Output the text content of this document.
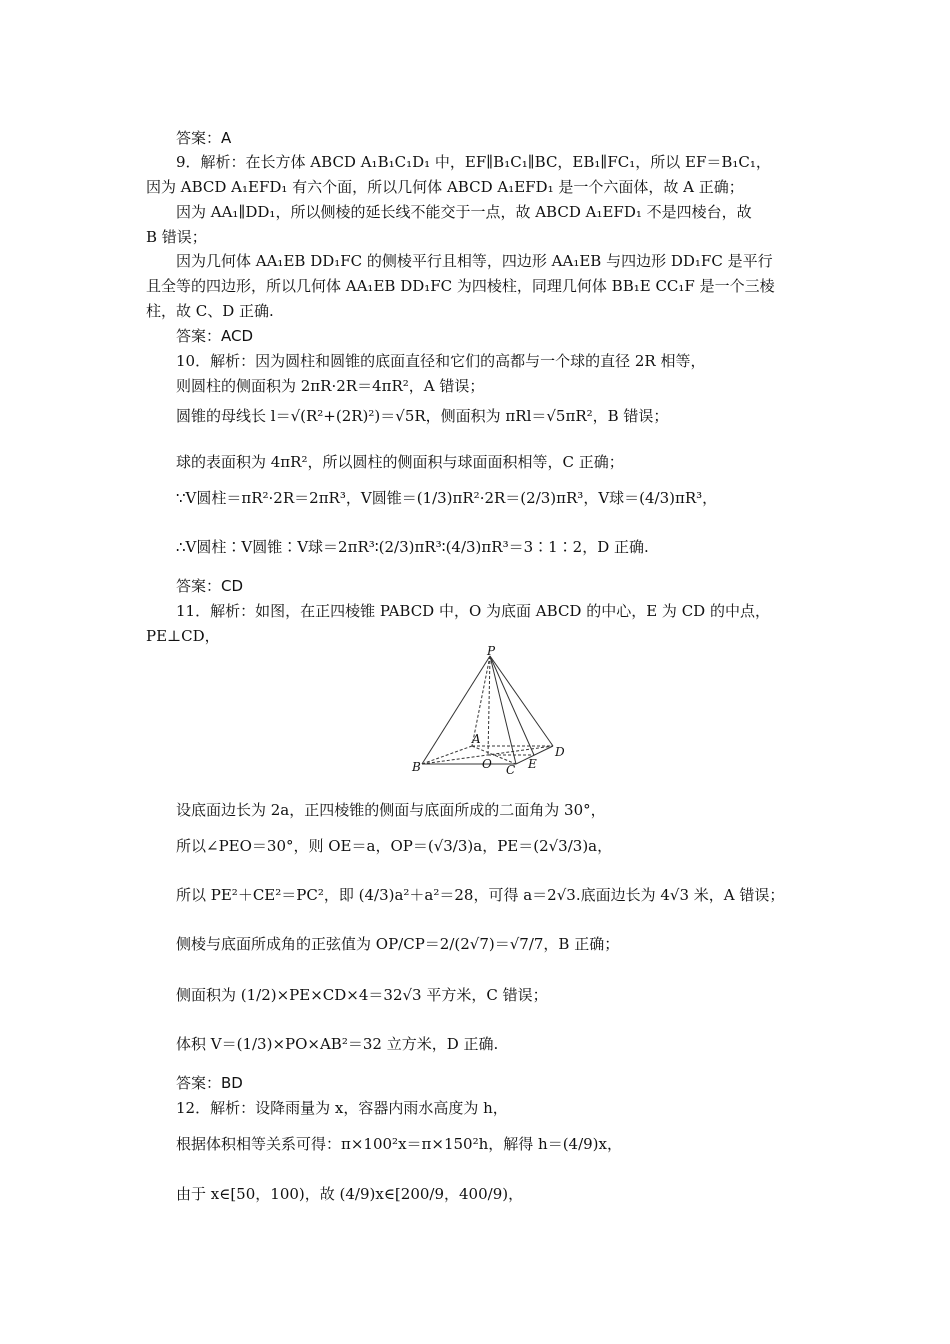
答案：A
9．解析：在长方体 ABCD A₁B₁C₁D₁ 中，EF∥B₁C₁∥BC，EB₁∥FC₁，所以 EF＝B₁C₁，
因为 ABCD A₁EFD₁ 有六个面，所以几何体 ABCD A₁EFD₁ 是一个六面体，故 A 正确；
因为 AA₁∥DD₁，所以侧棱的延长线不能交于一点，故 ABCD A₁EFD₁ 不是四棱台，故
B 错误；
因为几何体 AA₁EB DD₁FC 的侧棱平行且相等，四边形 AA₁EB 与四边形 DD₁FC 是平行
且全等的四边形，所以几何体 AA₁EB DD₁FC 为四棱柱，同理几何体 BB₁E CC₁F 是一个三棱
柱，故 C、D 正确.
答案：ACD
10．解析：因为圆柱和圆锥的底面直径和它们的高都与一个球的直径 2R 相等，
则圆柱的侧面积为 2πR·2R＝4πR²，A 错误；
圆锥的母线长 l＝√(R²+(2R)²)＝√5R，侧面积为 πRl＝√5πR²，B 错误；
球的表面积为 4πR²，所以圆柱的侧面积与球面面积相等，C 正确；
∵V圆柱＝πR²·2R＝2πR³，V圆锥＝(1/3)πR²·2R＝(2/3)πR³，V球＝(4/3)πR³，
∴V圆柱∶V圆锥∶V球＝2πR³∶(2/3)πR³∶(4/3)πR³＝3∶1∶2，D 正确.
答案：CD
11．解析：如图，在正四棱锥 PABCD 中，O 为底面 ABCD 的中心，E 为 CD 的中点，
PE⊥CD，
P
A
B	O C E
D
设底面边长为 2a，正四棱锥的侧面与底面所成的二面角为 30°，
所以∠PEO＝30°，则 OE＝a，OP＝(√3/3)a，PE＝(2√3/3)a，
所以 PE²＋CE²＝PC²，即 (4/3)a²＋a²＝28，可得 a＝2√3.底面边长为 4√3 米，A 错误；
侧棱与底面所成角的正弦值为 OP/CP＝2/(2√7)＝√7/7，B 正确；
侧面积为 (1/2)×PE×CD×4＝32√3 平方米，C 错误；
体积 V＝(1/3)×PO×AB²＝32 立方米，D 正确.
答案：BD
12．解析：设降雨量为 x，容器内雨水高度为 h，
根据体积相等关系可得：π×100²x＝π×150²h，解得 h＝(4/9)x，
由于 x∈[50，100)，故 (4/9)x∈[200/9，400/9)，
